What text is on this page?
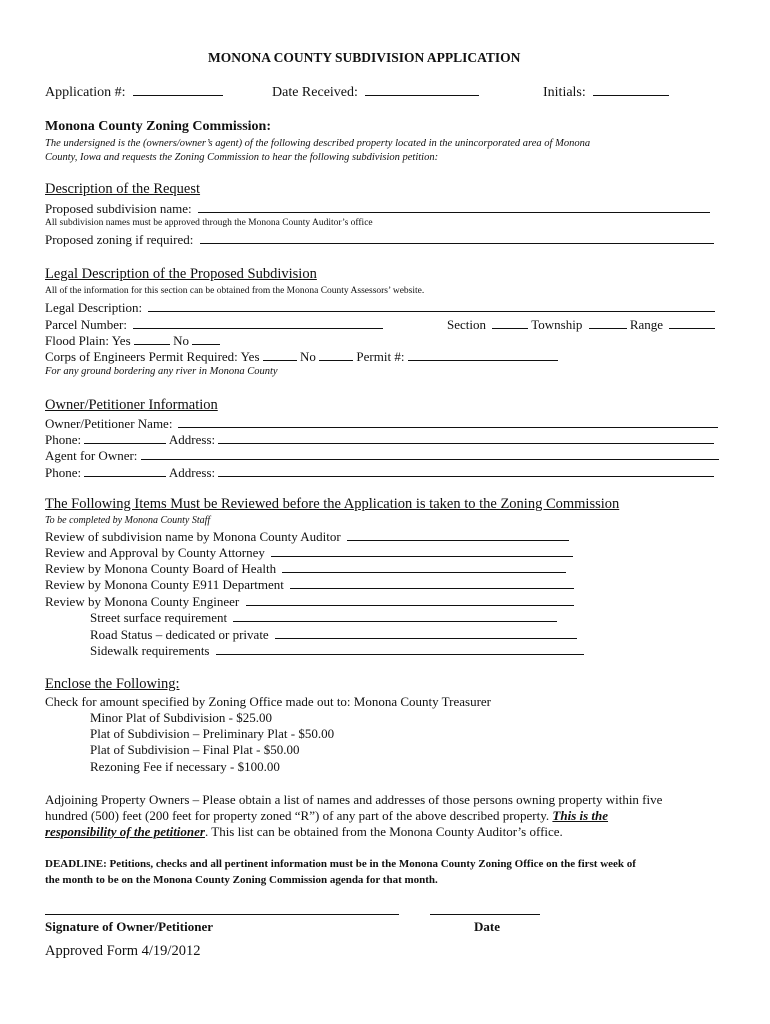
MONONA COUNTY SUBDIVISION APPLICATION
Application #:	Date Received:	Initials:
Monona County Zoning Commission:
The undersigned is the (owners/owner’s agent) of the following described property located in the unincorporated area of Monona
County, Iowa and requests the Zoning Commission to hear the following subdivision petition:
Description of the Request
Proposed subdivision name:
All subdivision names must be approved through the Monona County Auditor’s office
Proposed zoning if required:
Legal Description of the Proposed Subdivision
All of the information for this section can be obtained from the Monona County Assessors’ website.
Legal Description:
Parcel Number:	Section	Township	Range
Flood Plain: Yes	No
Corps of Engineers Permit Required: Yes	No	Permit #:
For any ground bordering any river in Monona County
Owner/Petitioner Information
Owner/Petitioner Name:
Phone:	Address:
Agent for Owner:
Phone:	Address:
The Following Items Must be Reviewed before the Application is taken to the Zoning Commission
To be completed by Monona County Staff
Review of subdivision name by Monona County Auditor
Review and Approval by County Attorney
Review by Monona County Board of Health
Review by Monona County E911 Department
Review by Monona County Engineer
Street surface requirement
Road Status – dedicated or private
Sidewalk requirements
Enclose the Following:
Check for amount specified by Zoning Office made out to: Monona County Treasurer
Minor Plat of Subdivision - $25.00
Plat of Subdivision – Preliminary Plat - $50.00
Plat of Subdivision – Final Plat - $50.00
Rezoning Fee if necessary - $100.00
Adjoining Property Owners – Please obtain a list of names and addresses of those persons owning property within five
hundred (500) feet (200 feet for property zoned “R”) of any part of the above described property. This is the
responsibility of the petitioner. This list can be obtained from the Monona County Auditor’s office.
DEADLINE: Petitions, checks and all pertinent information must be in the Monona County Zoning Office on the first week of
the month to be on the Monona County Zoning Commission agenda for that month.
Signature of Owner/Petitioner	Date
Approved Form 4/19/2012
